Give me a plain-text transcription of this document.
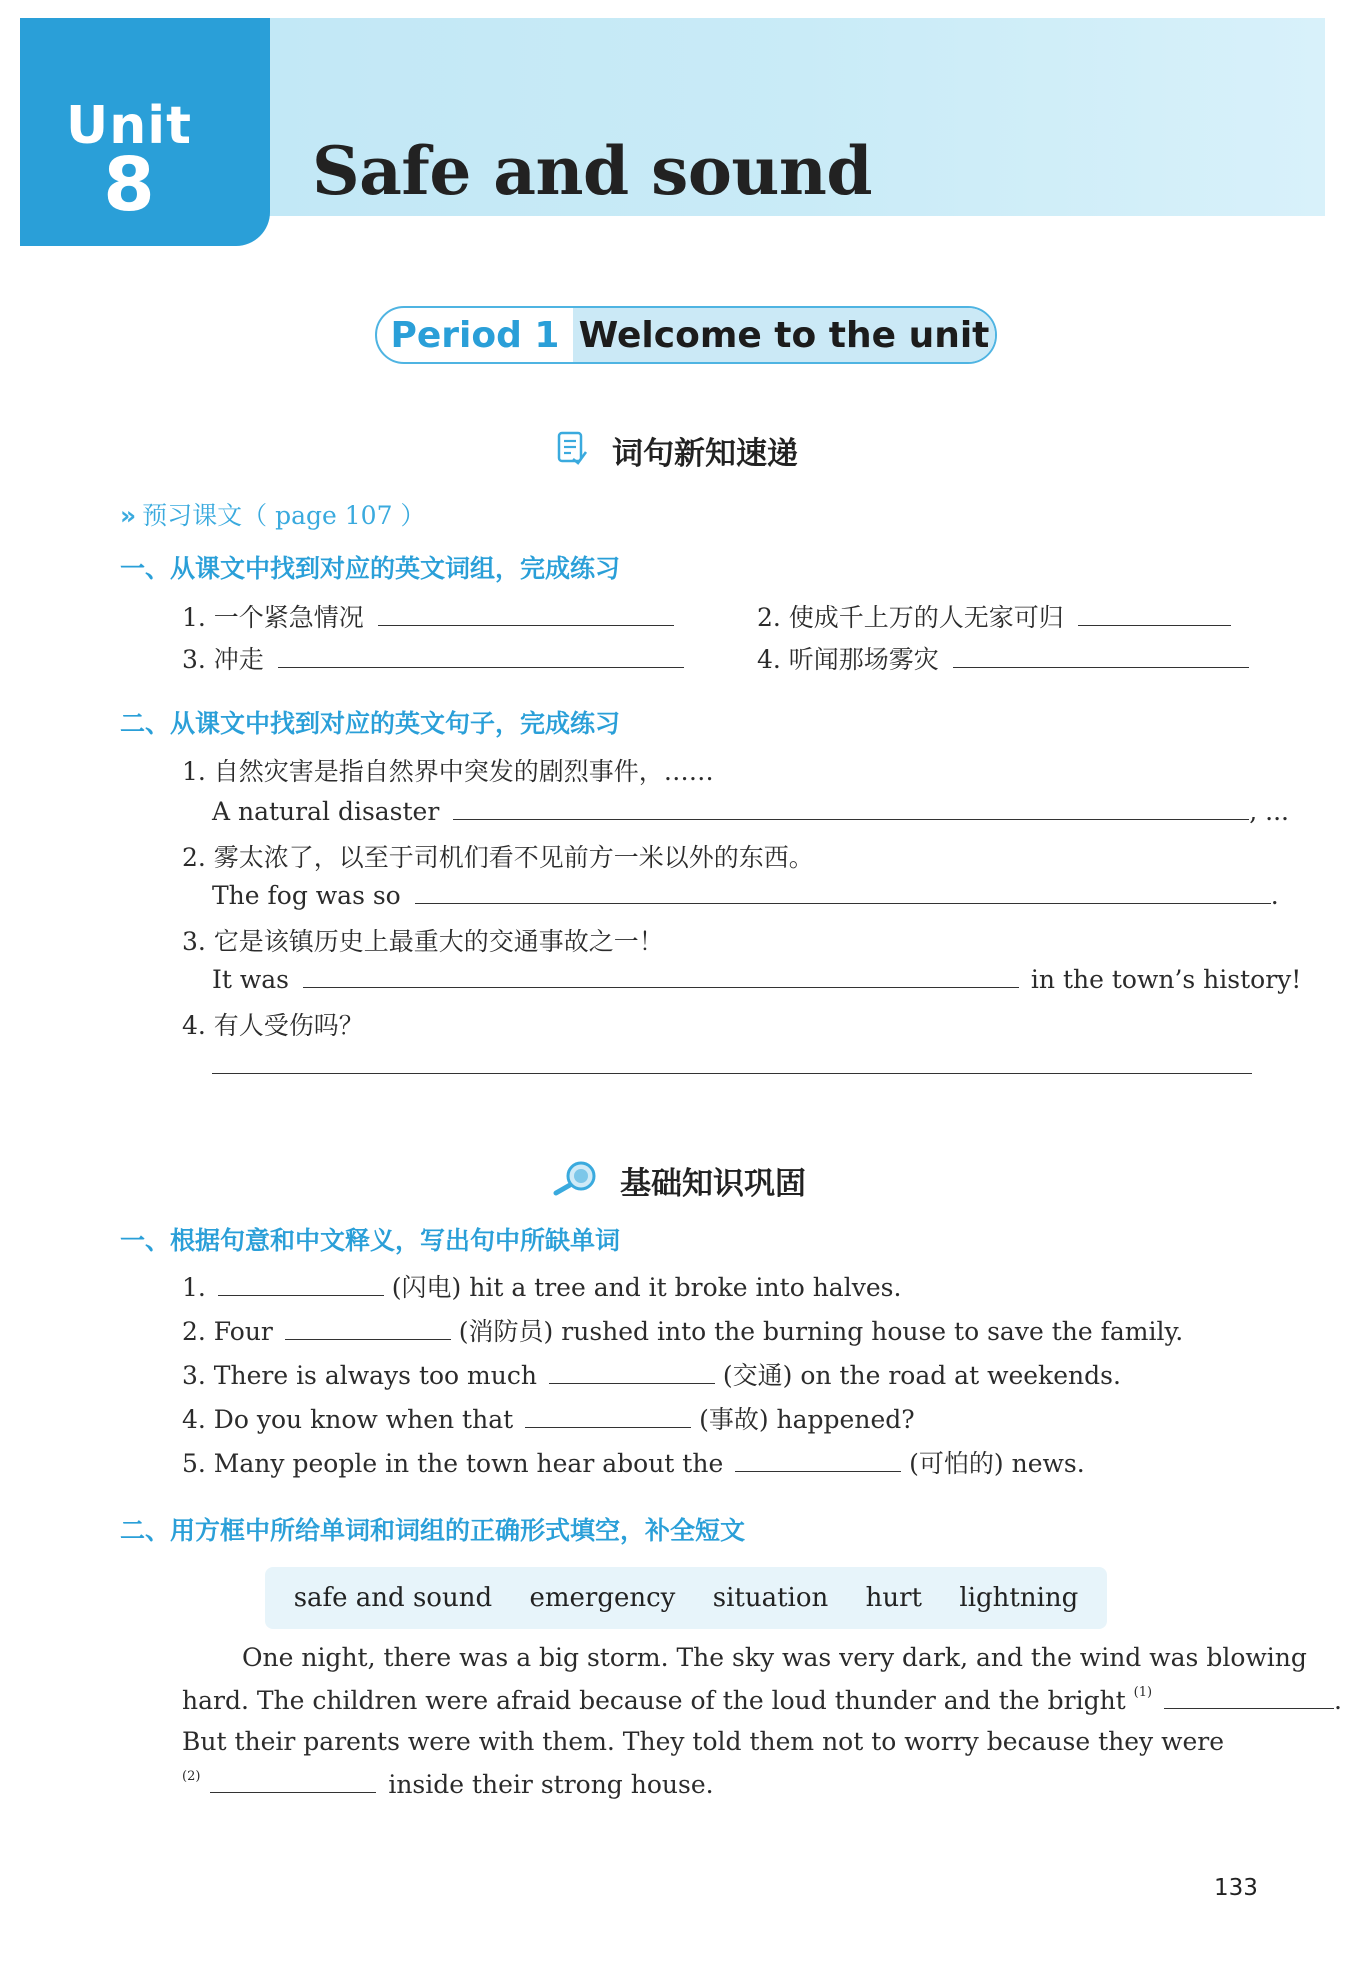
Unit
8	Safe and sound
Period 1 Welcome to the unit
词句新知速递
» 预习课文（ page 107 ）
一、从课文中找到对应的英文词组，完成练习
1. 一个紧急情况	2. 使成千上万的人无家可归
3. 冲走	4. 听闻那场雾灾
二、从课文中找到对应的英文句子，完成练习
1. 自然灾害是指自然界中突发的剧烈事件，……
A natural disaster	, ...
2. 雾太浓了，以至于司机们看不见前方一米以外的东西。
The fog was so	.
3. 它是该镇历史上最重大的交通事故之一！
It was	in the town’s history!
4. 有人受伤吗？
基础知识巩固
一、根据句意和中文释义，写出句中所缺单词
1.	(闪电) hit a tree and it broke into halves.
2. Four	(消防员) rushed into the burning house to save the family.
3. There is always too much	(交通) on the road at weekends.
4. Do you know when that	(事故) happened?
5. Many people in the town hear about the	(可怕的) news.
二、用方框中所给单词和词组的正确形式填空，补全短文
safe and sound emergency situation hurt lightning
One night, there was a big storm. The sky was very dark, and the wind was blowing
hard. The children were afraid because of the loud thunder and the bright $^{(1)}$	.
But their parents were with them. They told them not to worry because they were
$^{(2)}$	inside their strong house.
133
